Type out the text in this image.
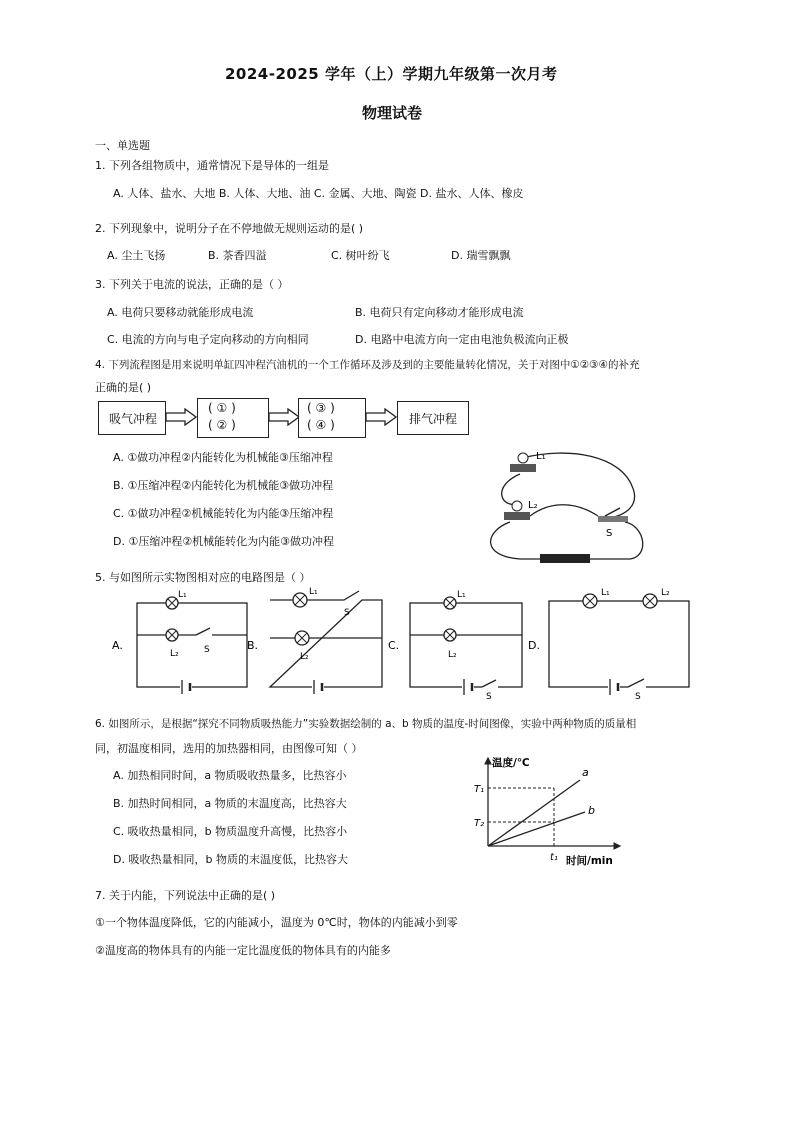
2024-2025 学年（上）学期九年级第一次月考
物理试卷
一、单选题
1. 下列各组物质中，通常情况下是导体的一组是
A. 人体、盐水、大地 B. 人体、大地、油 C. 金属、大地、陶瓷 D. 盐水、人体、橡皮
2. 下列现象中，说明分子在不停地做无规则运动的是( )
A. 尘土飞扬	B. 茶香四溢	C. 树叶纷飞	D. 瑞雪飘飘
3. 下列关于电流的说法，正确的是（ ）
A. 电荷只要移动就能形成电流	B. 电荷只有定向移动才能形成电流
C. 电流的方向与电子定向移动的方向相同	D. 电路中电流方向一定由电池负极流向正极
4. 下列流程图是用来说明单缸四冲程汽油机的一个工作循环及涉及到的主要能量转化情况，关于对图中①②③④的补充
正确的是( )
吸气冲程
( ① )
( ② )
( ③ )
( ④ )	排气冲程
A. ①做功冲程②内能转化为机械能③压缩冲程
B. ①压缩冲程②内能转化为机械能③做功冲程
C. ①做功冲程②机械能转化为内能③压缩冲程
D. ①压缩冲程②机械能转化为内能③做功冲程
L₁
L₂
S
5. 与如图所示实物图相对应的电路图是（ ）
A.
L₁
L₂	S	B.
L₁
L₂
S
C.
L₁
L₂
S
D.
L₁	L₂
S
6. 如图所示，是根据“探究不同物质吸热能力”实验数据绘制的 a、b 物质的温度-时间图像，实验中两种物质的质量相
同，初温度相同，选用的加热器相同，由图像可知（ ）
A. 加热相同时间，a 物质吸收热量多，比热容小
B. 加热时间相同，a 物质的末温度高，比热容大
C. 吸收热量相同，b 物质温度升高慢，比热容小
D. 吸收热量相同，b 物质的末温度低，比热容大
温度/℃
时间/min
T₁
T₂
t₁
a
b
7. 关于内能，下列说法中正确的是( )
①一个物体温度降低，它的内能减小，温度为 0℃时，物体的内能减小到零
②温度高的物体具有的内能一定比温度低的物体具有的内能多
